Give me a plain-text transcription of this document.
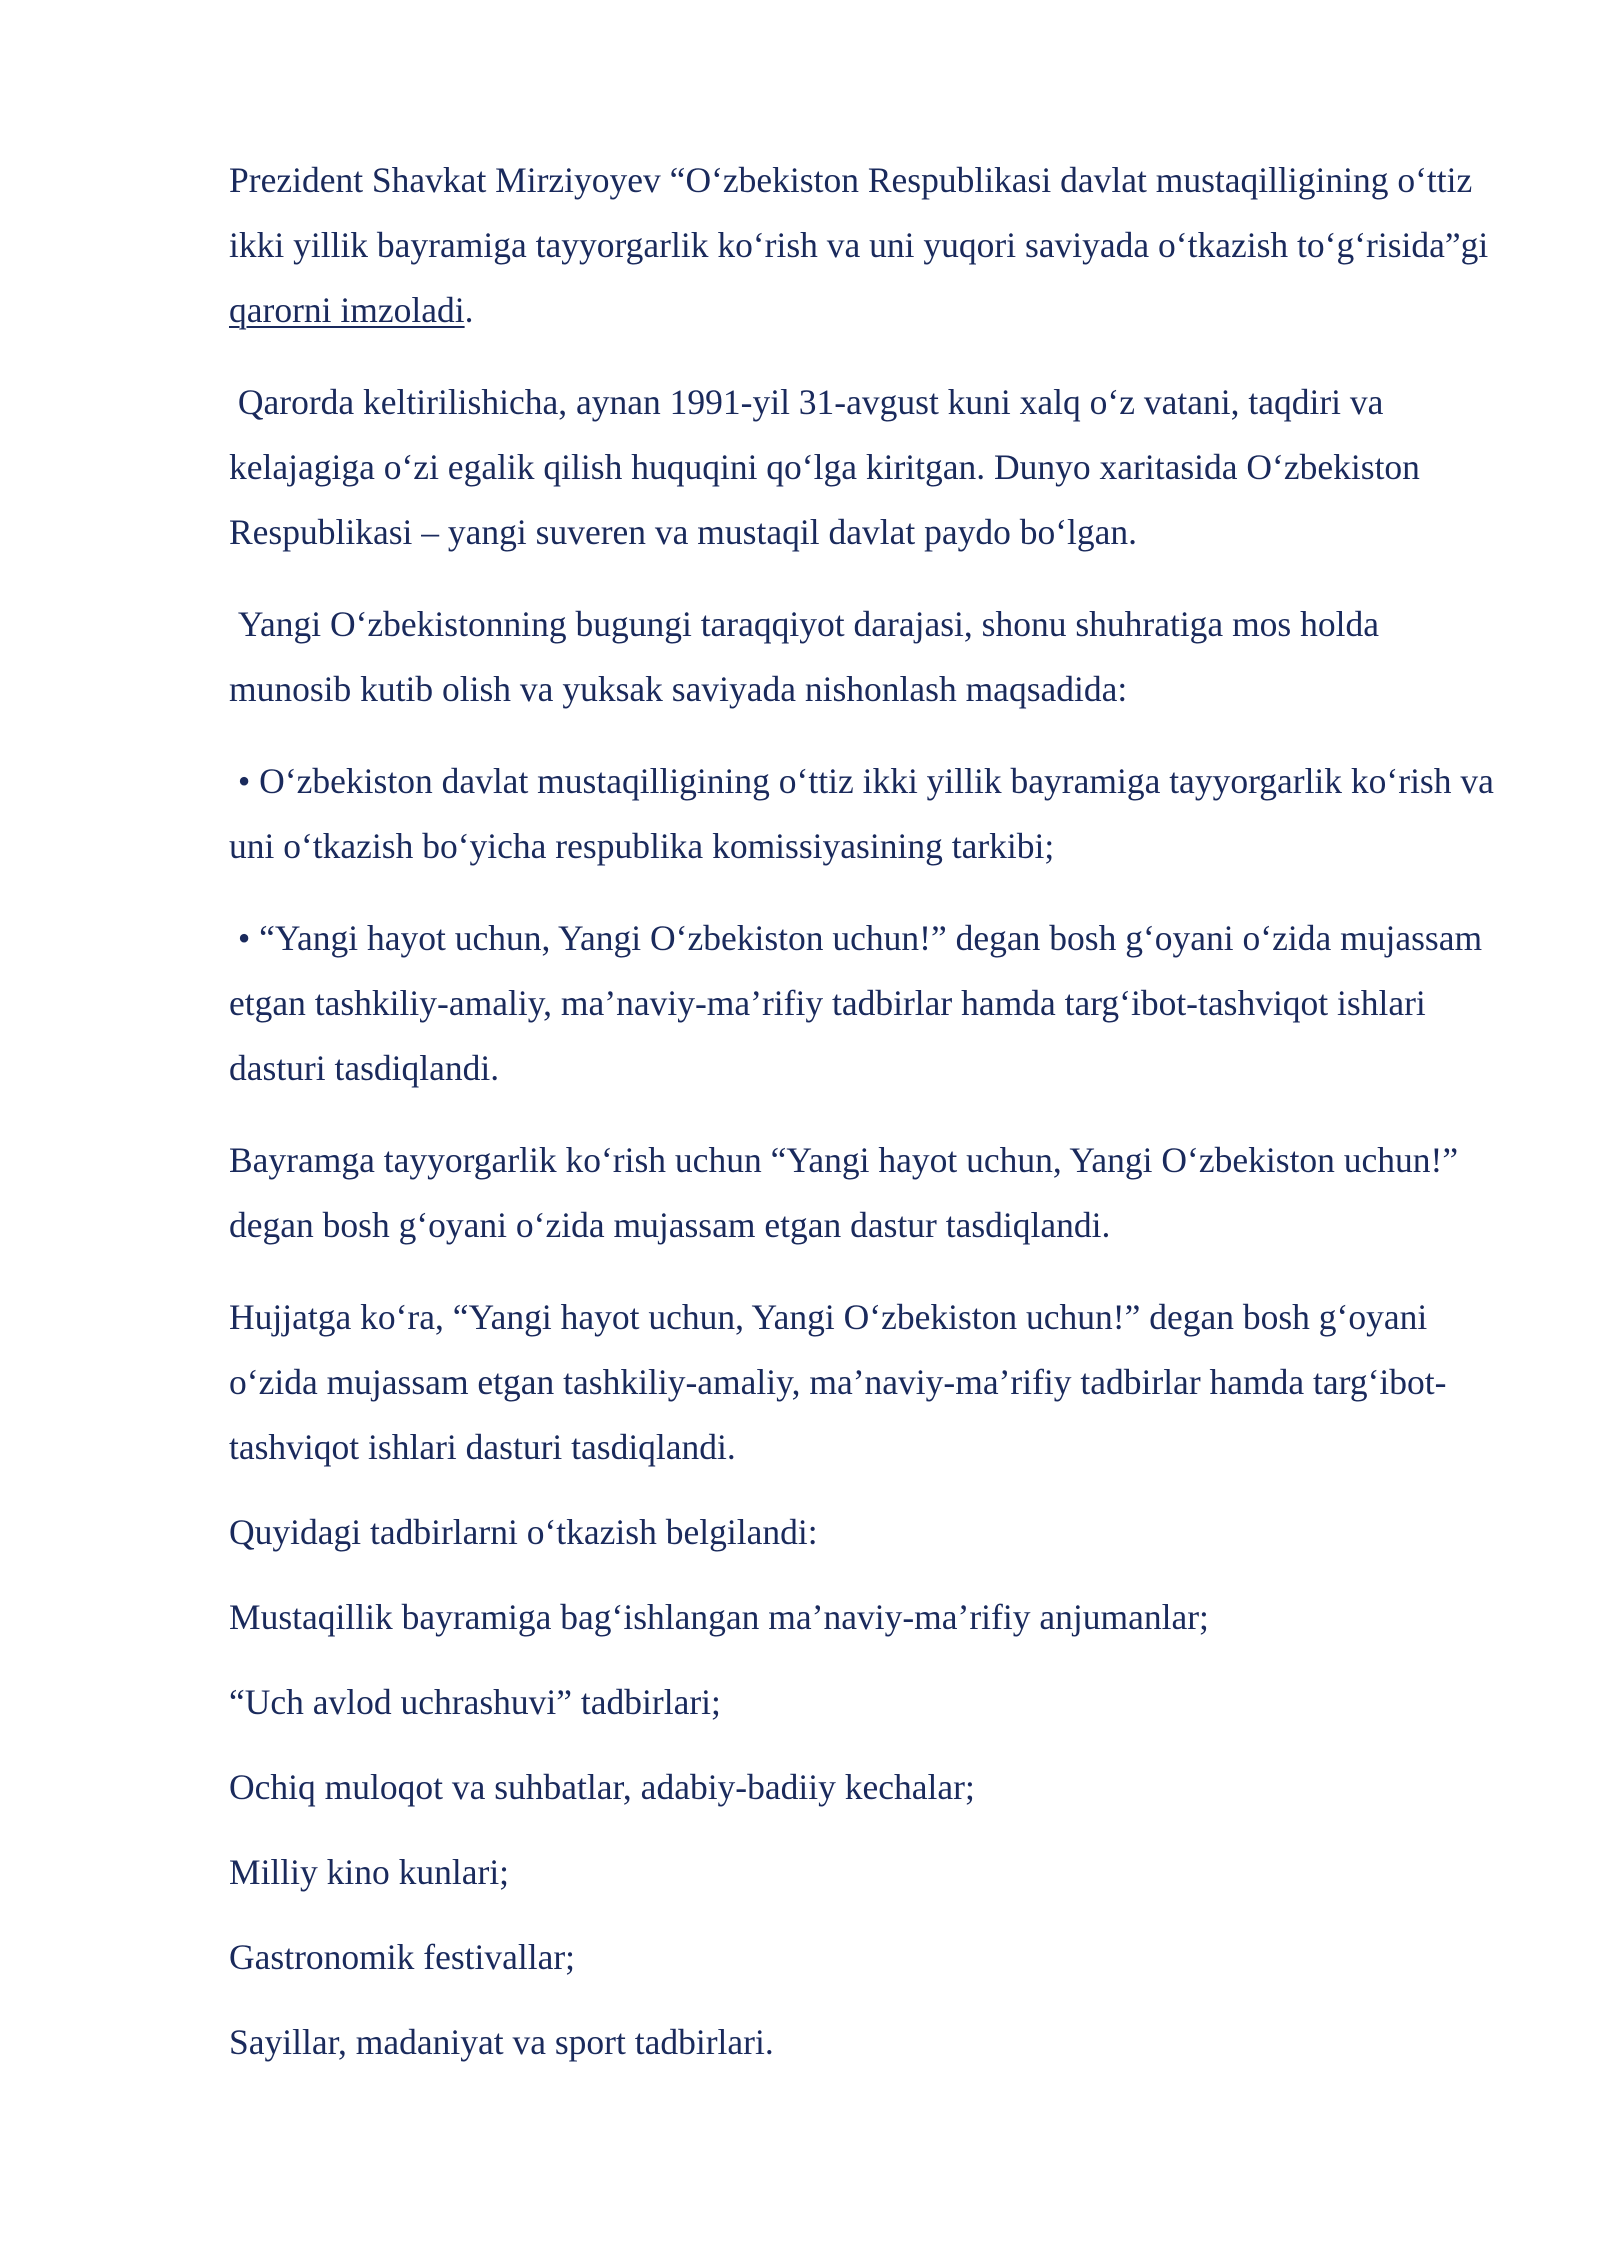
Prezident Shavkat Mirziyoyev “O‘zbekiston Respublikasi davlat mustaqilligining o‘ttiz ikki yillik bayramiga tayyorgarlik ko‘rish va uni yuqori saviyada o‘tkazish to‘g‘risida”gi qarorni imzoladi.

Qarorda keltirilishicha, aynan 1991-yil 31-avgust kuni xalq o‘z vatani, taqdiri va kelajagiga o‘zi egalik qilish huquqini qo‘lga kiritgan. Dunyo xaritasida O‘zbekiston Respublikasi – yangi suveren va mustaqil davlat paydo bo‘lgan.

Yangi O‘zbekistonning bugungi taraqqiyot darajasi, shonu shuhratiga mos holda munosib kutib olish va yuksak saviyada nishonlash maqsadida:

• O‘zbekiston davlat mustaqilligining o‘ttiz ikki yillik bayramiga tayyorgarlik ko‘rish va uni o‘tkazish bo‘yicha respublika komissiyasining tarkibi;

• “Yangi hayot uchun, Yangi O‘zbekiston uchun!” degan bosh g‘oyani o‘zida mujassam etgan tashkiliy-amaliy, ma’naviy-ma’rifiy tadbirlar hamda targ‘ibot-tashviqot ishlari dasturi tasdiqlandi.

Bayramga tayyorgarlik ko‘rish uchun “Yangi hayot uchun, Yangi O‘zbekiston uchun!” degan bosh g‘oyani o‘zida mujassam etgan dastur tasdiqlandi.

Hujjatga ko‘ra, “Yangi hayot uchun, Yangi O‘zbekiston uchun!” degan bosh g‘oyani o‘zida mujassam etgan tashkiliy-amaliy, ma’naviy-ma’rifiy tadbirlar hamda targ‘ibot-tashviqot ishlari dasturi tasdiqlandi.

Quyidagi tadbirlarni o‘tkazish belgilandi:

Mustaqillik bayramiga bag‘ishlangan ma’naviy-ma’rifiy anjumanlar;

“Uch avlod uchrashuvi” tadbirlari;

Ochiq muloqot va suhbatlar, adabiy-badiiy kechalar;

Milliy kino kunlari;

Gastronomik festivallar;

Sayillar, madaniyat va sport tadbirlari.
